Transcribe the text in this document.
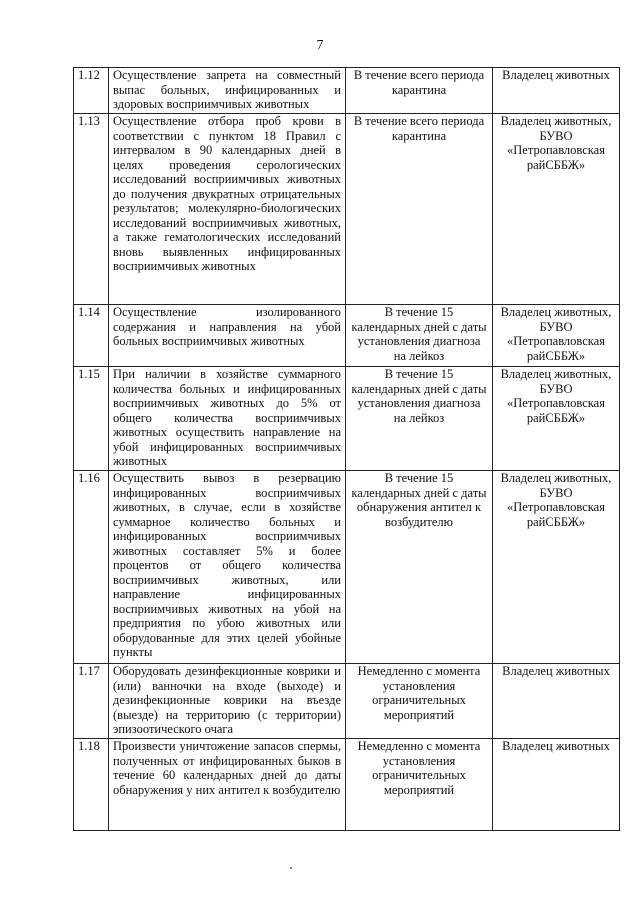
7
1.12	Осуществление запрета на совместный выпас больных, инфицированных и здоровых восприимчивых животных	В течение всего периода карантина	Владелец животных
1.13	Осуществление отбора проб крови в соответствии с пунктом 18 Правил с интервалом в 90 календарных дней в целях проведения серологических исследований восприимчивых животных до получения двукратных отрицательных результатов; молекулярно-биологических исследований восприимчивых животных, а также гематологических исследований вновь выявленных инфицированных восприимчивых животных	В течение всего периода карантина	Владелец животных, БУВО «Петропавловская райСББЖ»
1.14	Осуществление изолированного содержания и направления на убой больных восприимчивых животных	В течение 15 календарных дней с даты установления диагноза на лейкоз	Владелец животных, БУВО «Петропавловская райСББЖ»
1.15	При наличии в хозяйстве суммарного количества больных и инфицированных восприимчивых животных до 5% от общего количества восприимчивых животных осуществить направление на убой инфицированных восприимчивых животных	В течение 15 календарных дней с даты установления диагноза на лейкоз	Владелец животных, БУВО «Петропавловская райСББЖ»
1.16	Осуществить вывоз в резервацию инфицированных восприимчивых животных, в случае, если в хозяйстве суммарное количество больных и инфицированных восприимчивых животных составляет 5% и более процентов от общего количества восприимчивых животных, или направление инфицированных восприимчивых животных на убой на предприятия по убою животных или оборудованные для этих целей убойные пункты	В течение 15 календарных дней с даты обнаружения антител к возбудителю	Владелец животных, БУВО «Петропавловская райСББЖ»
1.17	Оборудовать дезинфекционные коврики и (или) ванночки на входе (выходе) и дезинфекционные коврики на въезде (выезде) на территорию (с территории) эпизоотического очага	Немедленно с момента установления ограничительных мероприятий	Владелец животных
1.18	Произвести уничтожение запасов спермы, полученных от инфицированных быков в течение 60 календарных дней до даты обнаружения у них антител к возбудителю	Немедленно с момента установления ограничительных мероприятий	Владелец животных
